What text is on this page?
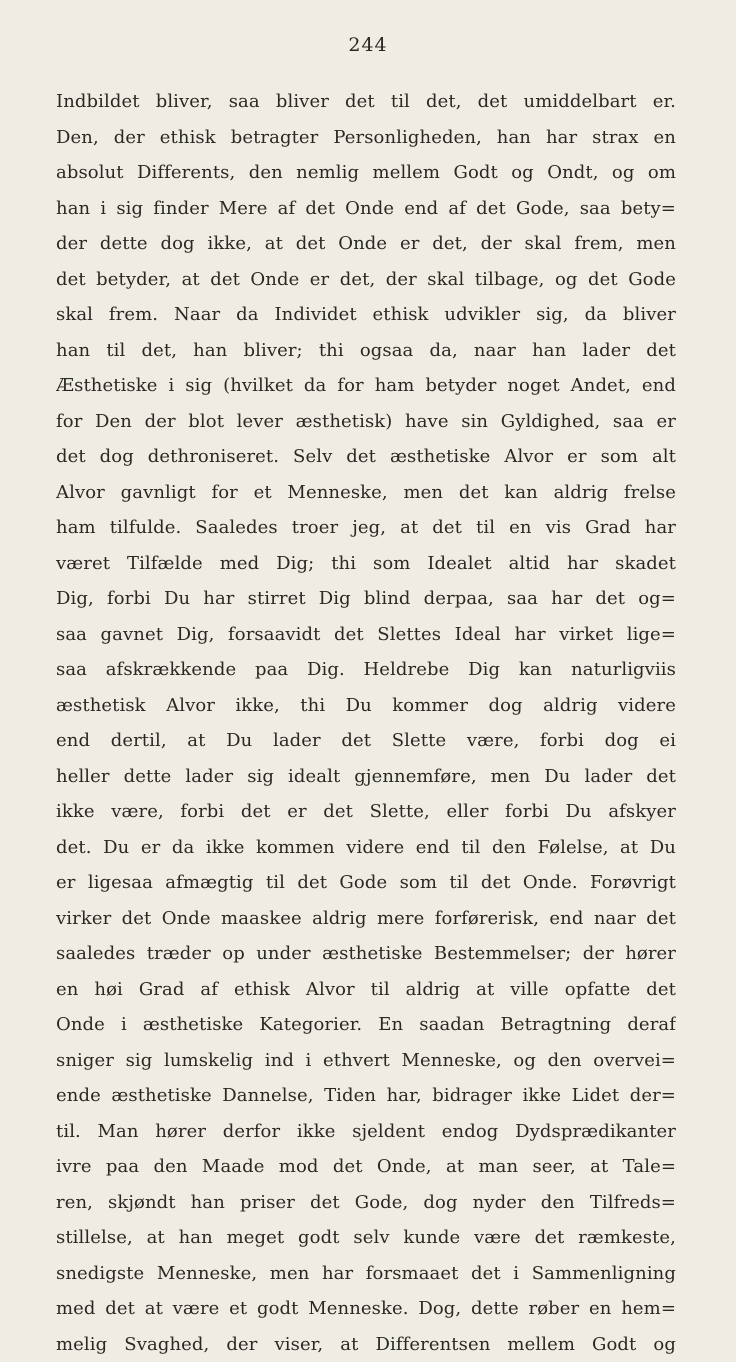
244
Indbildet bliver, saa bliver det til det, det umiddelbart er.
Den, der ethisk betragter Personligheden, han har strax en
absolut Differents, den nemlig mellem Godt og Ondt, og om
han i sig finder Mere af det Onde end af det Gode, saa bety=
der dette dog ikke, at det Onde er det, der skal frem, men
det betyder, at det Onde er det, der skal tilbage, og det Gode
skal frem. Naar da Individet ethisk udvikler sig, da bliver
han til det, han bliver; thi ogsaa da, naar han lader det
Æsthetiske i sig (hvilket da for ham betyder noget Andet, end
for Den der blot lever æsthetisk) have sin Gyldighed, saa er
det dog dethroniseret. Selv det æsthetiske Alvor er som alt
Alvor gavnligt for et Menneske, men det kan aldrig frelse
ham tilfulde. Saaledes troer jeg, at det til en vis Grad har
været Tilfælde med Dig; thi som Idealet altid har skadet
Dig, forbi Du har stirret Dig blind derpaa, saa har det og=
saa gavnet Dig, forsaavidt det Slettes Ideal har virket lige=
saa afskrækkende paa Dig. Heldrebe Dig kan naturligviis
æsthetisk Alvor ikke, thi Du kommer dog aldrig videre
end dertil, at Du lader det Slette være, forbi dog ei
heller dette lader sig idealt gjennemføre, men Du lader det
ikke være, forbi det er det Slette, eller forbi Du afskyer
det. Du er da ikke kommen videre end til den Følelse, at Du
er ligesaa afmægtig til det Gode som til det Onde. Forøvrigt
virker det Onde maaskee aldrig mere forførerisk, end naar det
saaledes træder op under æsthetiske Bestemmelser; der hører
en høi Grad af ethisk Alvor til aldrig at ville opfatte det
Onde i æsthetiske Kategorier. En saadan Betragtning deraf
sniger sig lumskelig ind i ethvert Menneske, og den overvei=
ende æsthetiske Dannelse, Tiden har, bidrager ikke Lidet der=
til. Man hører derfor ikke sjeldent endog Dydsprædikanter
ivre paa den Maade mod det Onde, at man seer, at Tale=
ren, skjøndt han priser det Gode, dog nyder den Tilfreds=
stillelse, at han meget godt selv kunde være det ræmkeste,
snedigste Menneske, men har forsmaaet det i Sammenligning
med det at være et godt Menneske. Dog, dette røber en hem=
melig Svaghed, der viser, at Differentsen mellem Godt og
